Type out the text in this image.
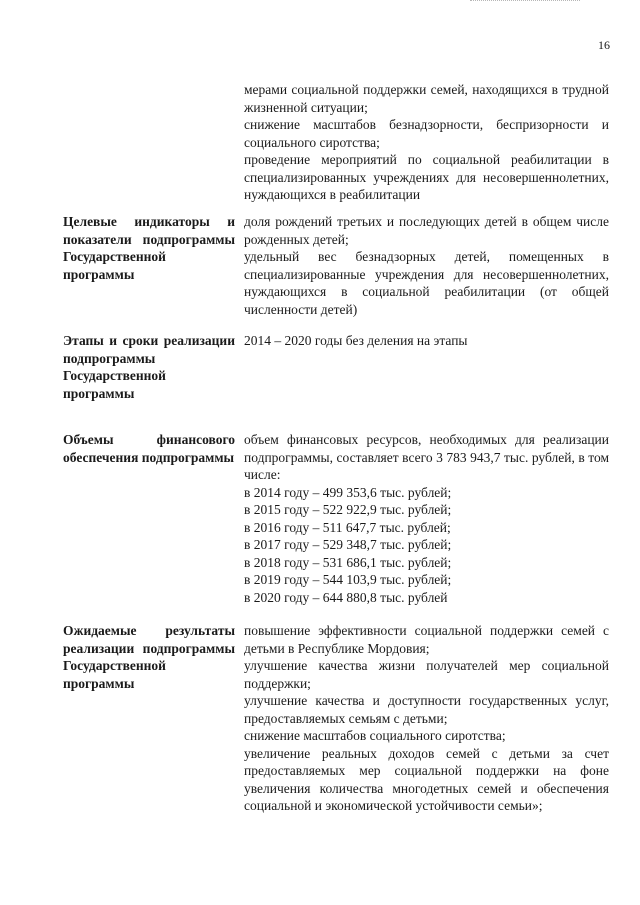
16
мерами социальной поддержки семей, находящихся в трудной жизненной ситуации;
снижение масштабов безнадзорности, беспризорности и социального сиротства;
проведение мероприятий по социальной реабилитации в специализированных учреждениях для несовершеннолетних, нуждающихся в реабилитации
Целевые индикаторы и показатели подпрограммы Государственной программы
доля рождений третьих и последующих детей в общем числе рожденных детей;
удельный вес безнадзорных детей, помещенных в специализированные учреждения для несовершеннолетних, нуждающихся в социальной реабилитации (от общей численности детей)
Этапы и сроки реализации подпрограммы Государственной программы
2014 – 2020 годы без деления на этапы
Объемы финансового обеспечения подпрограммы
объем финансовых ресурсов, необходимых для реализации подпрограммы, составляет всего 3 783 943,7 тыс. рублей, в том числе:
в 2014 году – 499 353,6 тыс. рублей;
в 2015 году – 522 922,9 тыс. рублей;
в 2016 году – 511 647,7 тыс. рублей;
в 2017 году – 529 348,7 тыс. рублей;
в 2018 году – 531 686,1 тыс. рублей;
в 2019 году – 544 103,9 тыс. рублей;
в 2020 году – 644 880,8 тыс. рублей
Ожидаемые результаты реализации подпрограммы Государственной программы
повышение эффективности социальной поддержки семей с детьми в Республике Мордовия;
улучшение качества жизни получателей мер социальной поддержки;
улучшение качества и доступности государственных услуг, предоставляемых семьям с детьми;
снижение масштабов социального сиротства;
увеличение реальных доходов семей с детьми за счет предоставляемых мер социальной поддержки на фоне увеличения количества многодетных семей и обеспечения социальной и экономической устойчивости семьи»;
